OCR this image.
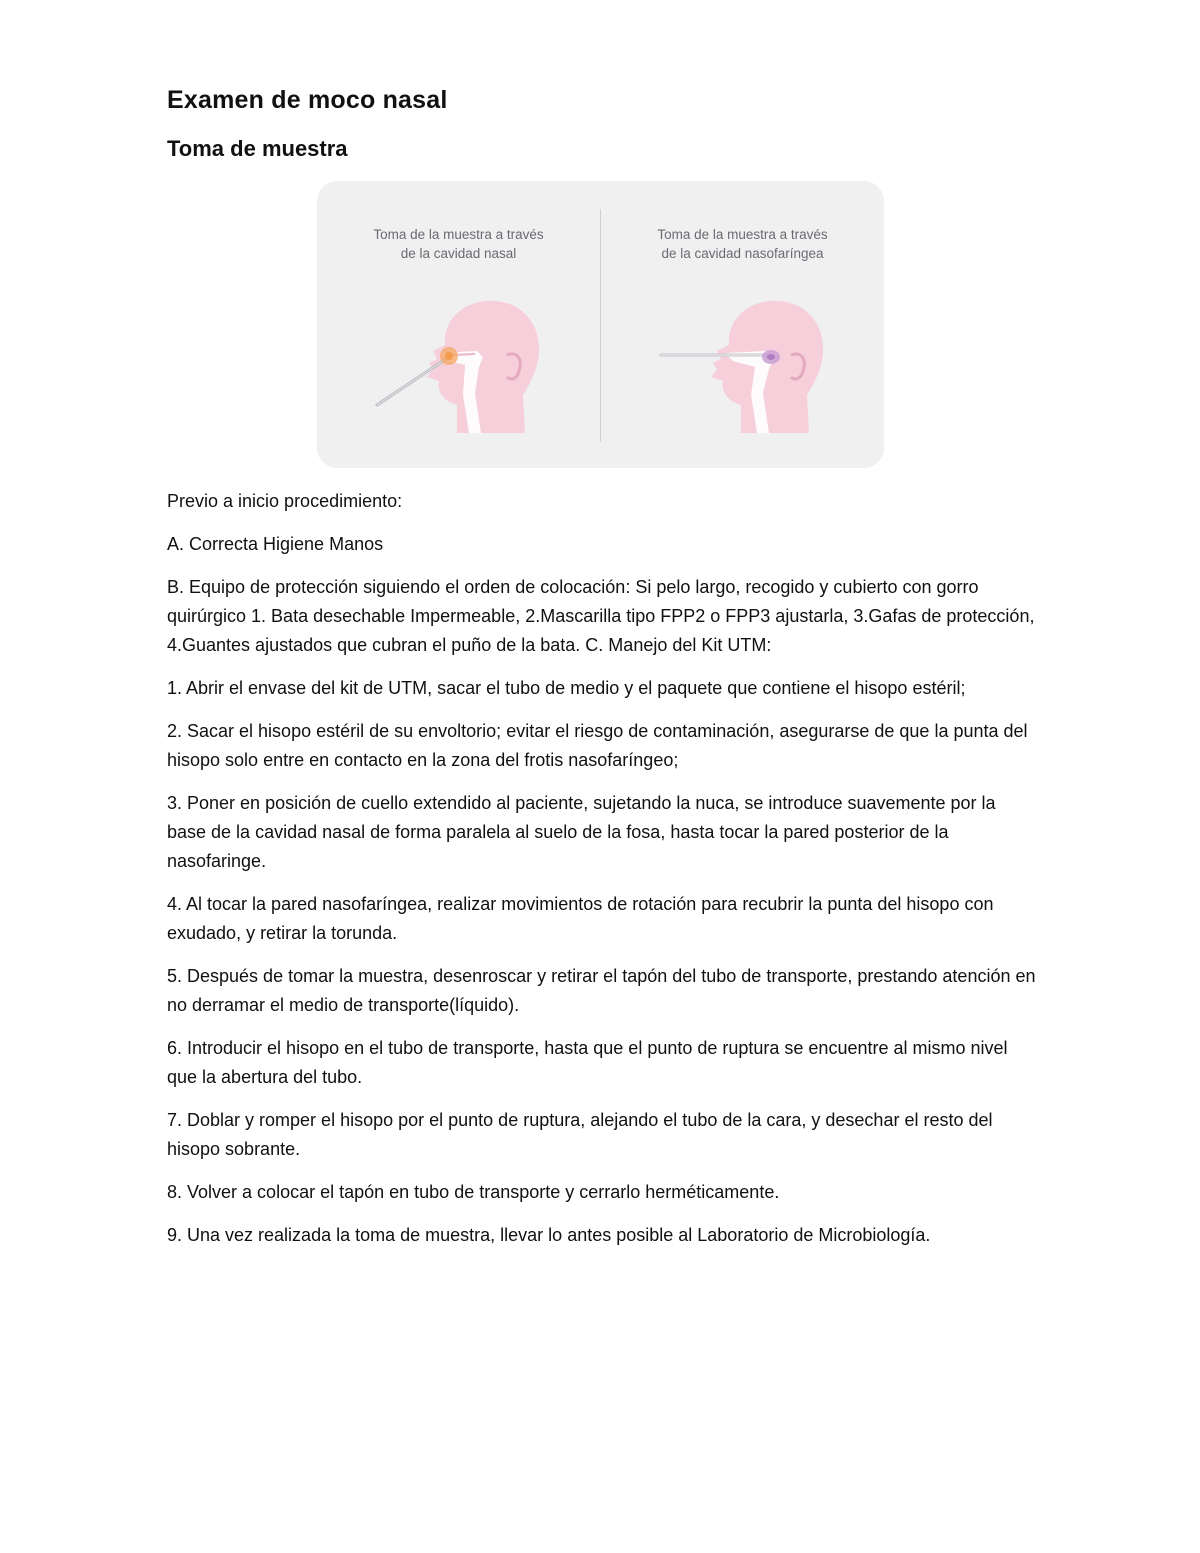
Examen de moco nasal
Toma de muestra

Toma de la muestra a través
de la cavidad nasal

Toma de la muestra a través
de la cavidad nasofaríngea

Previo a inicio procedimiento:

A. Correcta Higiene Manos

B. Equipo de protección siguiendo el orden de colocación: Si pelo largo, recogido y cubierto con gorro quirúrgico 1. Bata desechable Impermeable, 2.Mascarilla tipo FPP2 o FPP3 ajustarla, 3.Gafas de protección, 4.Guantes ajustados que cubran el puño de la bata. C. Manejo del Kit UTM:

1. Abrir el envase del kit de UTM, sacar el tubo de medio y el paquete que contiene el hisopo estéril;

2. Sacar el hisopo estéril de su envoltorio; evitar el riesgo de contaminación, asegurarse de que la punta del hisopo solo entre en contacto en la zona del frotis nasofaríngeo;

3. Poner en posición de cuello extendido al paciente, sujetando la nuca, se introduce suavemente por la base de la cavidad nasal de forma paralela al suelo de la fosa, hasta tocar la pared posterior de la nasofaringe.

4. Al tocar la pared nasofaríngea, realizar movimientos de rotación para recubrir la punta del hisopo con exudado, y retirar la torunda.

5. Después de tomar la muestra, desenroscar y retirar el tapón del tubo de transporte, prestando atención en no derramar el medio de transporte(líquido).

6. Introducir el hisopo en el tubo de transporte, hasta que el punto de ruptura se encuentre al mismo nivel que la abertura del tubo.

7. Doblar y romper el hisopo por el punto de ruptura, alejando el tubo de la cara, y desechar el resto del hisopo sobrante.

8. Volver a colocar el tapón en tubo de transporte y cerrarlo herméticamente.

9. Una vez realizada la toma de muestra, llevar lo antes posible al Laboratorio de Microbiología.
